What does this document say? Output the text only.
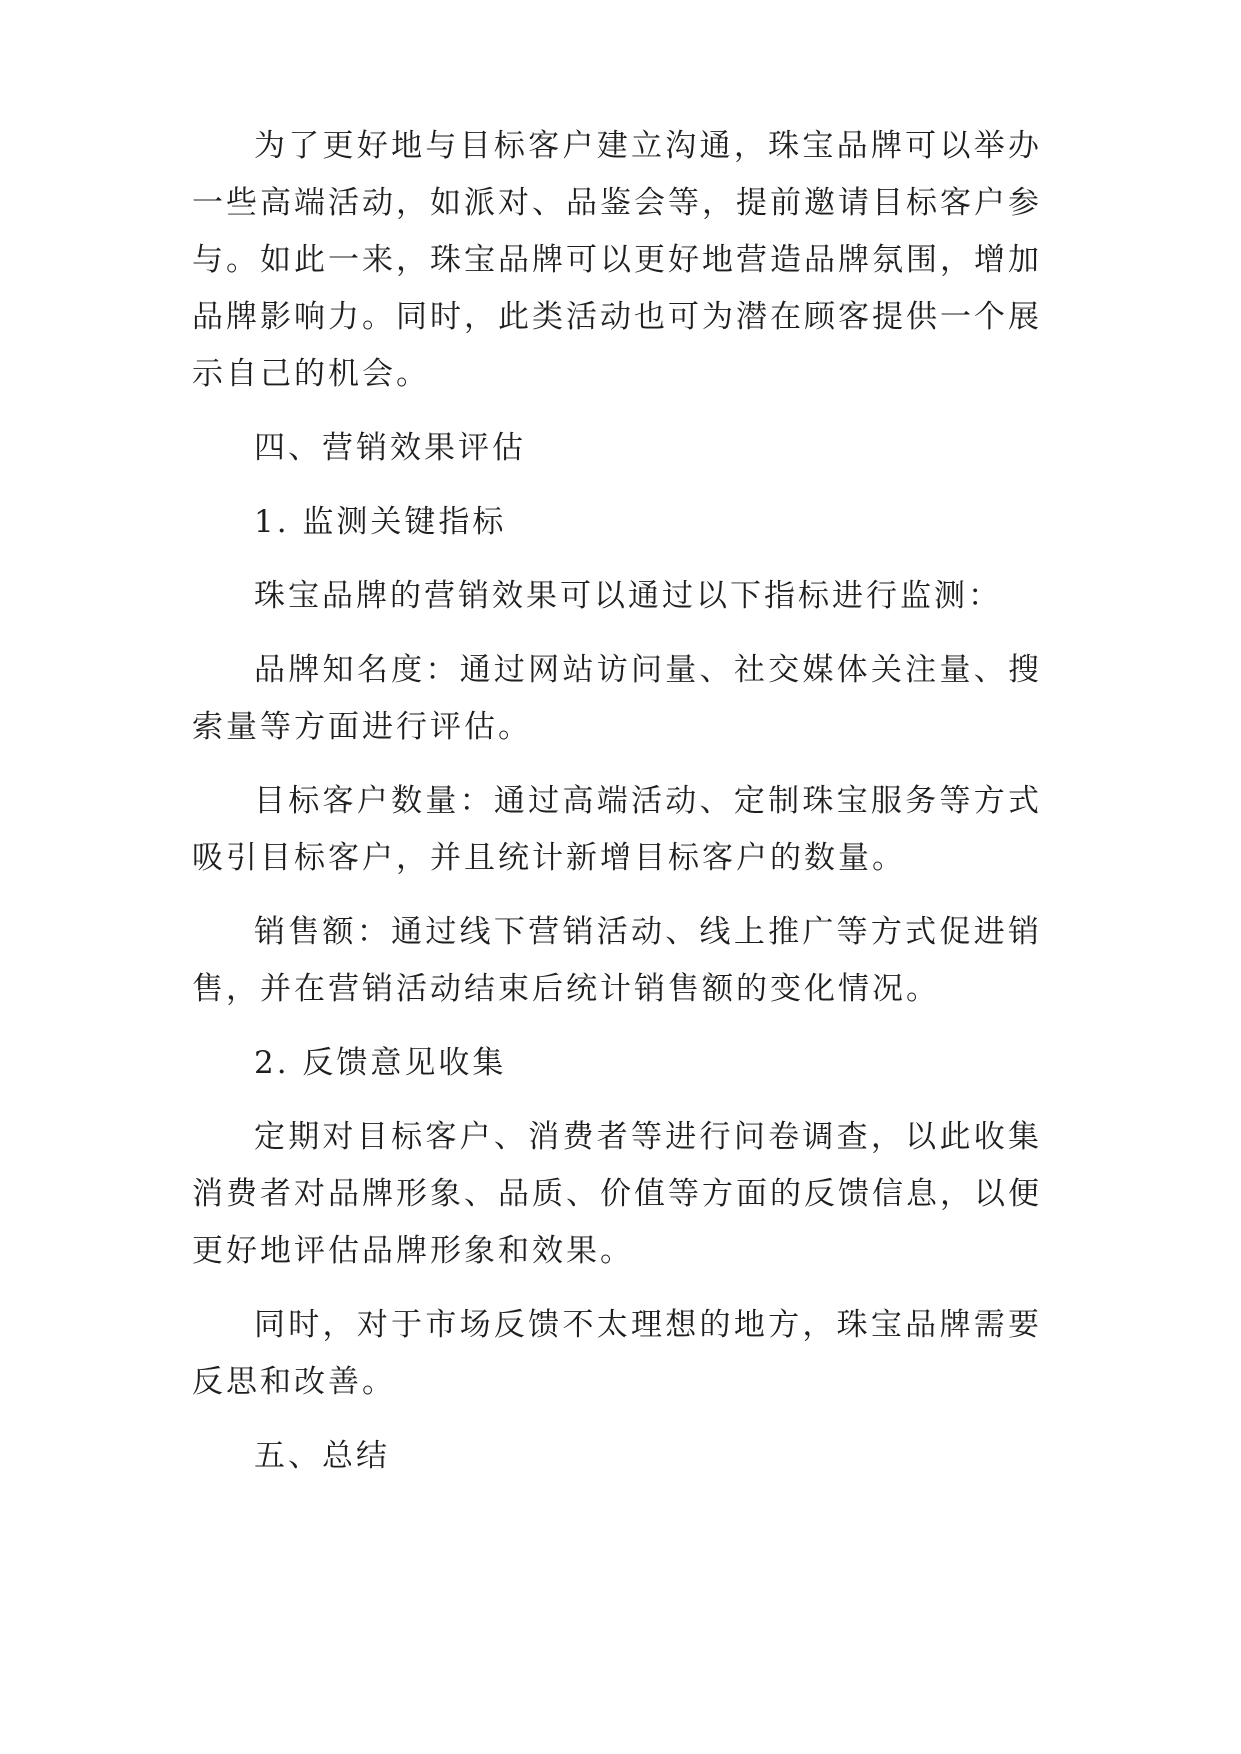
为了更好地与目标客户建立沟通，珠宝品牌可以举办一些高端活动，如派对、品鉴会等，提前邀请目标客户参与。如此一来，珠宝品牌可以更好地营造品牌氛围，增加品牌影响力。同时，此类活动也可为潜在顾客提供一个展示自己的机会。

四、营销效果评估

1. 监测关键指标

珠宝品牌的营销效果可以通过以下指标进行监测：

品牌知名度：通过网站访问量、社交媒体关注量、搜索量等方面进行评估。

目标客户数量：通过高端活动、定制珠宝服务等方式吸引目标客户，并且统计新增目标客户的数量。

销售额：通过线下营销活动、线上推广等方式促进销售，并在营销活动结束后统计销售额的变化情况。

2. 反馈意见收集

定期对目标客户、消费者等进行问卷调查，以此收集消费者对品牌形象、品质、价值等方面的反馈信息，以便更好地评估品牌形象和效果。

同时，对于市场反馈不太理想的地方，珠宝品牌需要反思和改善。

五、总结
